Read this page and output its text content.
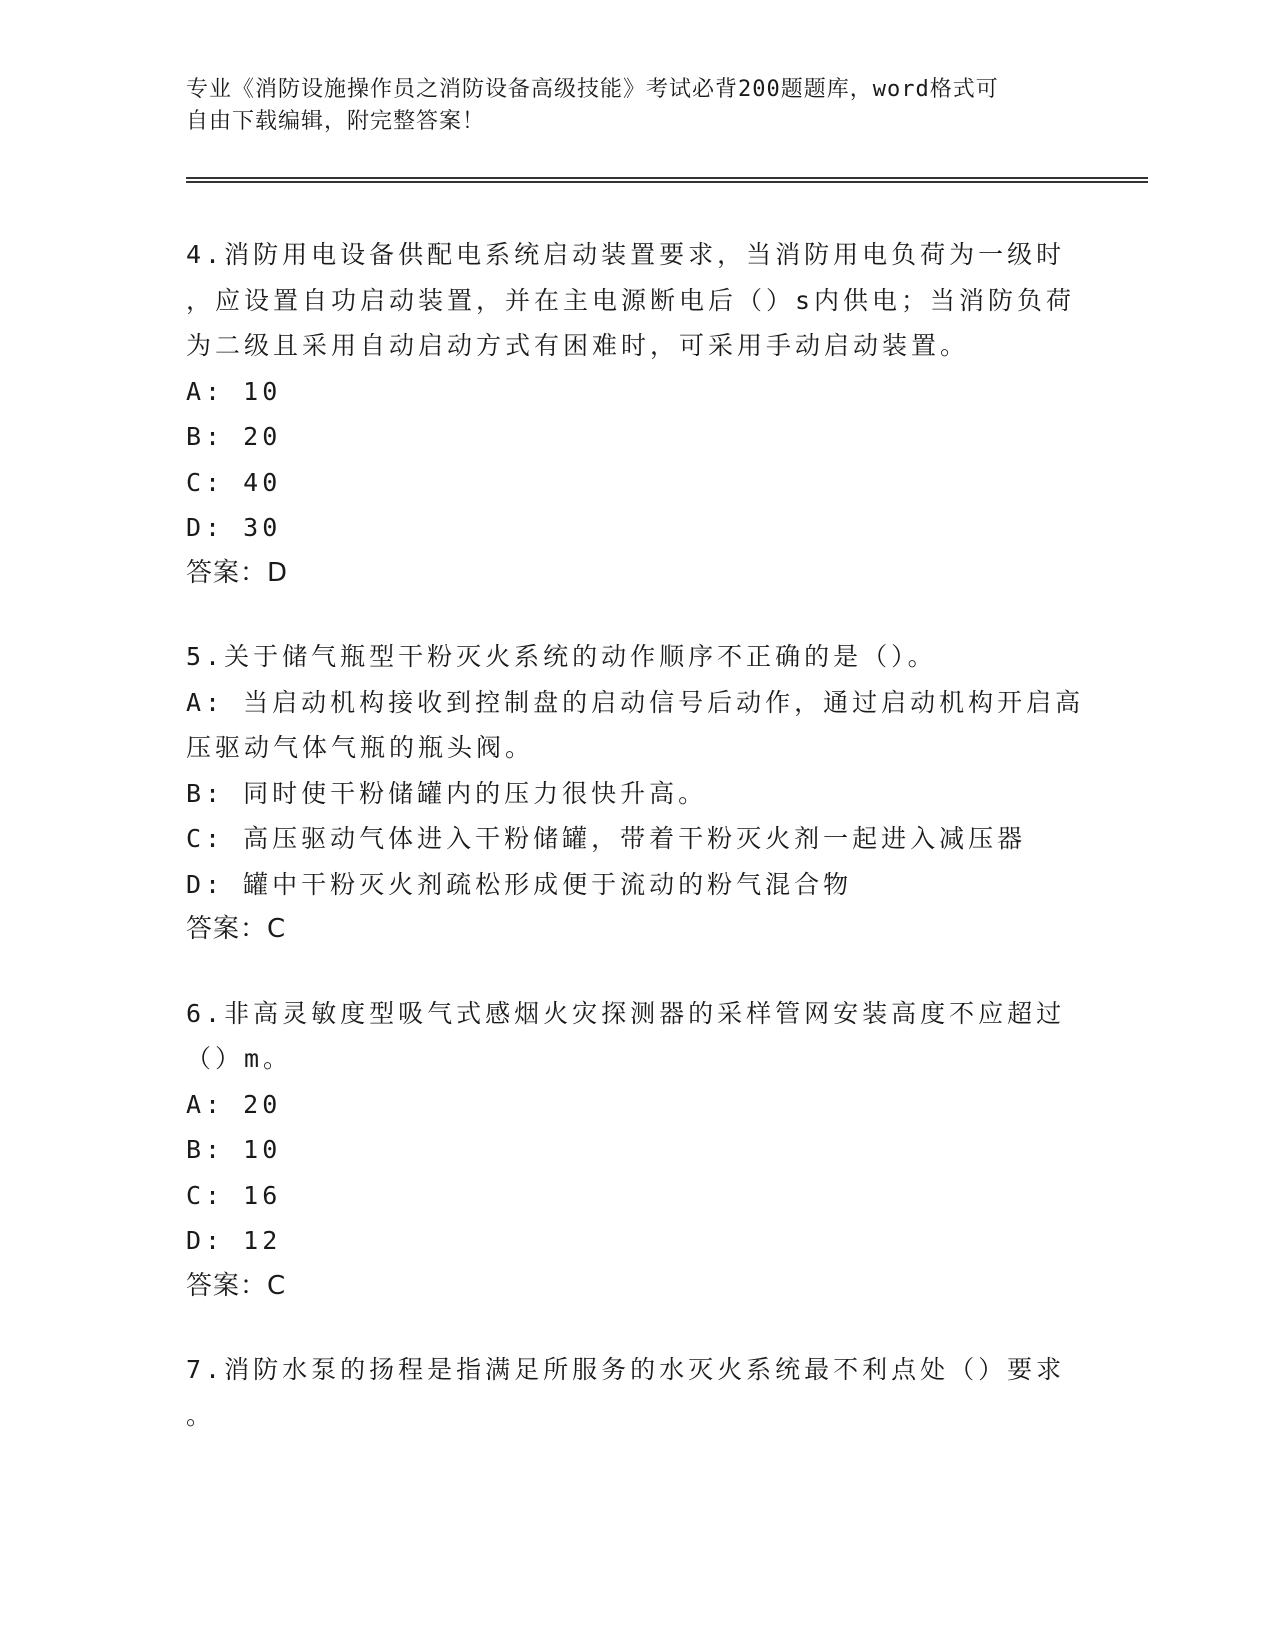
专业《消防设施操作员之消防设备高级技能》考试必背200题题库，word格式可
自由下载编辑，附完整答案！
4.消防用电设备供配电系统启动装置要求，当消防用电负荷为一级时
，应设置自功启动装置，并在主电源断电后（）s内供电；当消防负荷
为二级且采用自动启动方式有困难时，可采用手动启动装置。
A: 10
B: 20
C: 40
D: 30
答案：D
5.关于储气瓶型干粉灭火系统的动作顺序不正确的是（）。
A: 当启动机构接收到控制盘的启动信号后动作，通过启动机构开启高
压驱动气体气瓶的瓶头阀。
B: 同时使干粉储罐内的压力很快升高。
C: 高压驱动气体进入干粉储罐，带着干粉灭火剂一起进入减压器
D: 罐中干粉灭火剂疏松形成便于流动的粉气混合物
答案：C
6.非高灵敏度型吸气式感烟火灾探测器的采样管网安装高度不应超过
（）m。
A: 20
B: 10
C: 16
D: 12
答案：C
7.消防水泵的扬程是指满足所服务的水灭火系统最不利点处（）要求
。
